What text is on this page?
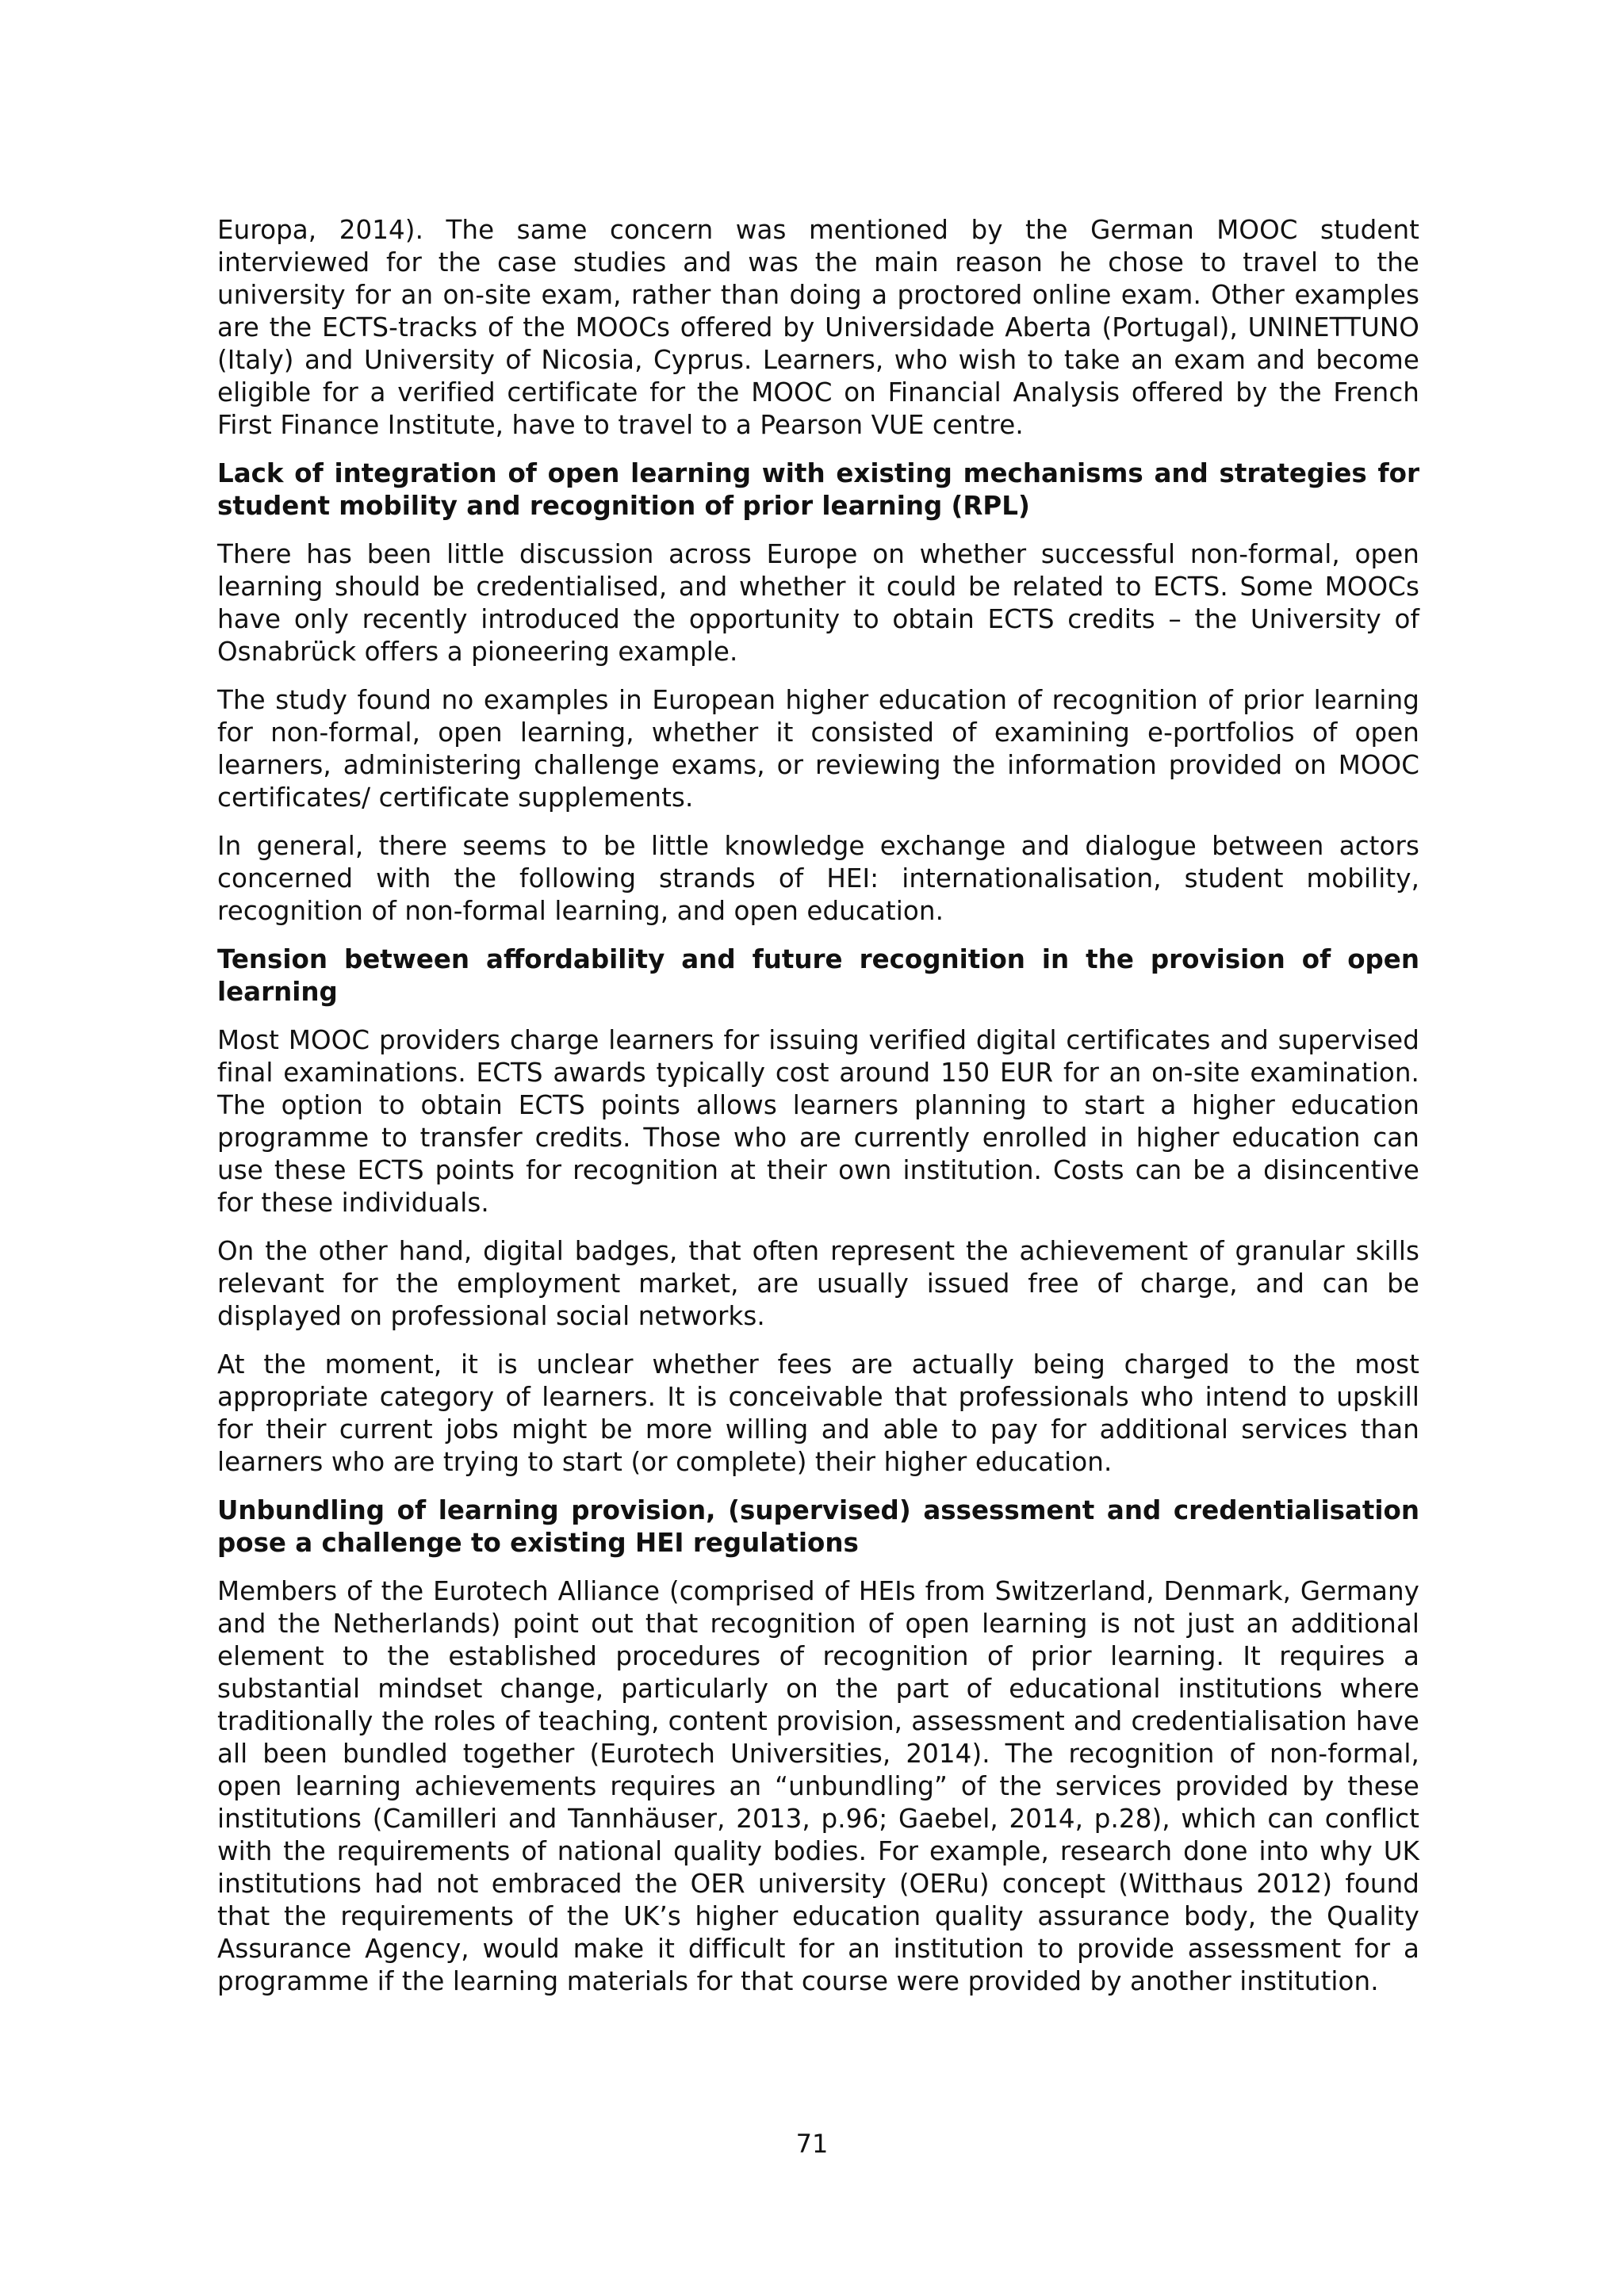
Europa, 2014). The same concern was mentioned by the German MOOC student interviewed for the case studies and was the main reason he chose to travel to the university for an on-site exam, rather than doing a proctored online exam. Other examples are the ECTS-tracks of the MOOCs offered by Universidade Aberta (Portugal), UNINETTUNO (Italy) and University of Nicosia, Cyprus. Learners, who wish to take an exam and become eligible for a verified certificate for the MOOC on Financial Analysis offered by the French First Finance Institute, have to travel to a Pearson VUE centre.

Lack of integration of open learning with existing mechanisms and strategies for student mobility and recognition of prior learning (RPL)

There has been little discussion across Europe on whether successful non-formal, open learning should be credentialised, and whether it could be related to ECTS. Some MOOCs have only recently introduced the opportunity to obtain ECTS credits – the University of Osnabrück offers a pioneering example.

The study found no examples in European higher education of recognition of prior learning for non-formal, open learning, whether it consisted of examining e-portfolios of open learners, administering challenge exams, or reviewing the information provided on MOOC certificates/ certificate supplements.

In general, there seems to be little knowledge exchange and dialogue between actors concerned with the following strands of HEI: internationalisation, student mobility, recognition of non-formal learning, and open education.

Tension between affordability and future recognition in the provision of open learning

Most MOOC providers charge learners for issuing verified digital certificates and supervised final examinations. ECTS awards typically cost around 150 EUR for an on-site examination. The option to obtain ECTS points allows learners planning to start a higher education programme to transfer credits. Those who are currently enrolled in higher education can use these ECTS points for recognition at their own institution. Costs can be a disincentive for these individuals.

On the other hand, digital badges, that often represent the achievement of granular skills relevant for the employment market, are usually issued free of charge, and can be displayed on professional social networks.

At the moment, it is unclear whether fees are actually being charged to the most appropriate category of learners. It is conceivable that professionals who intend to upskill for their current jobs might be more willing and able to pay for additional services than learners who are trying to start (or complete) their higher education.

Unbundling of learning provision, (supervised) assessment and credentialisation pose a challenge to existing HEI regulations

Members of the Eurotech Alliance (comprised of HEIs from Switzerland, Denmark, Germany and the Netherlands) point out that recognition of open learning is not just an additional element to the established procedures of recognition of prior learning. It requires a substantial mindset change, particularly on the part of educational institutions where traditionally the roles of teaching, content provision, assessment and credentialisation have all been bundled together (Eurotech Universities, 2014). The recognition of non-formal, open learning achievements requires an “unbundling” of the services provided by these institutions (Camilleri and Tannhäuser, 2013, p.96; Gaebel, 2014, p.28), which can conflict with the requirements of national quality bodies. For example, research done into why UK institutions had not embraced the OER university (OERu) concept (Witthaus 2012) found that the requirements of the UK’s higher education quality assurance body, the Quality Assurance Agency, would make it difficult for an institution to provide assessment for a programme if the learning materials for that course were provided by another institution.

71
